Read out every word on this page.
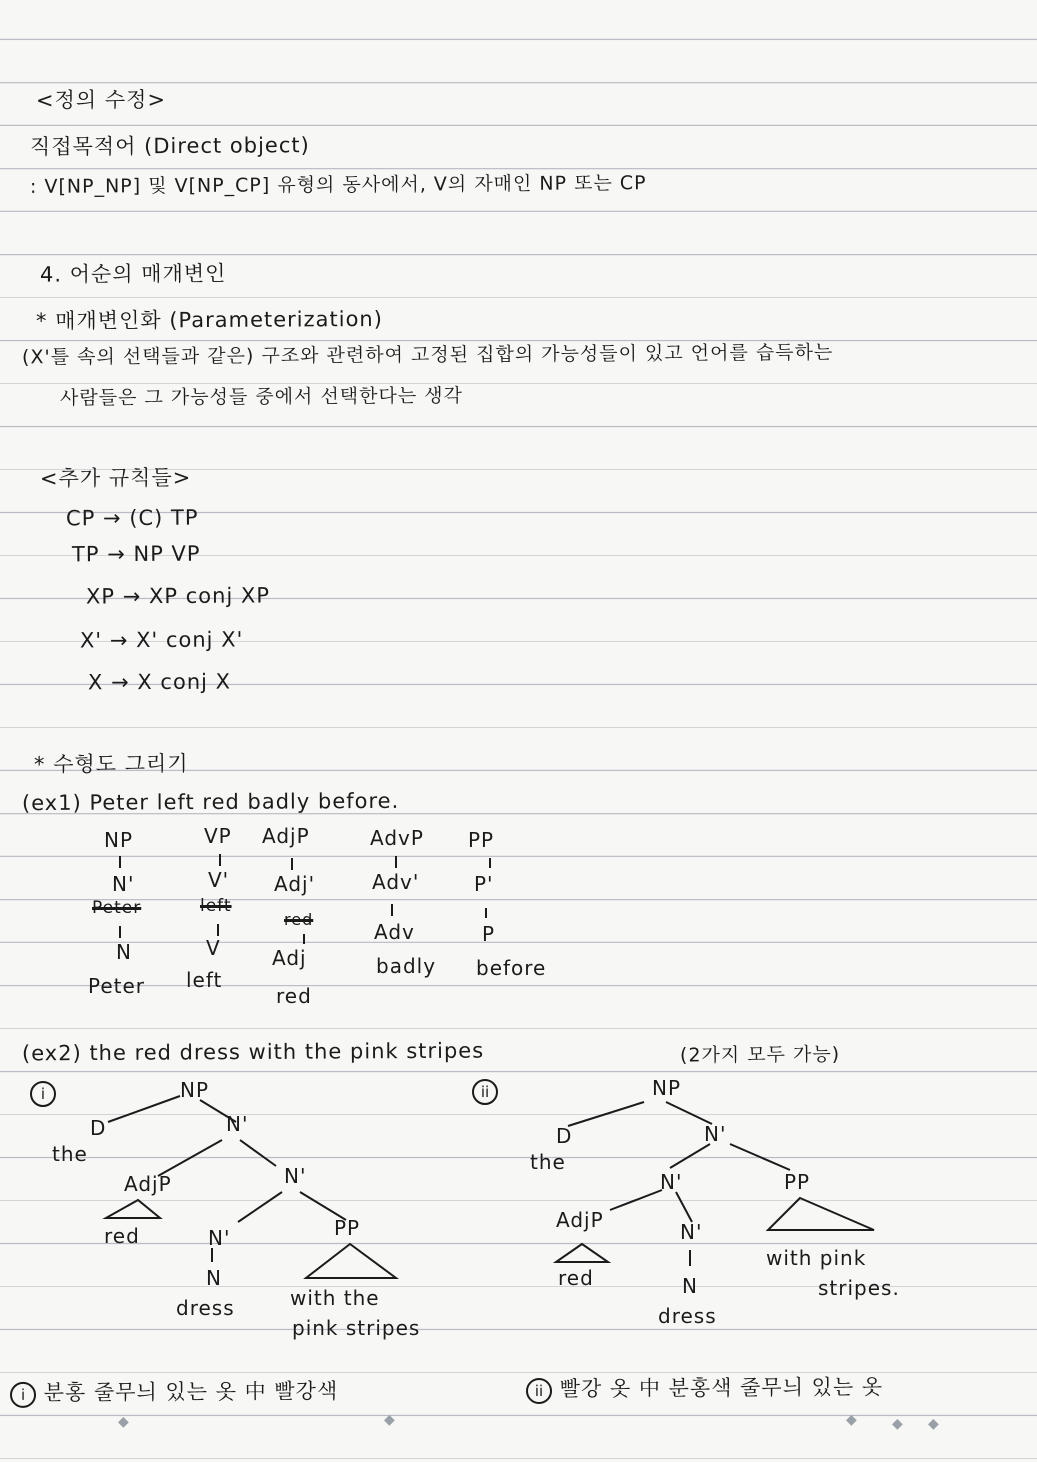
<정의 수정>
직접목적어 (Direct object)
: V[NP_NP] 및 V[NP_CP] 유형의 동사에서, V의 자매인 NP 또는 CP
4. 어순의 매개변인
* 매개변인화 (Parameterization)
(X'틀 속의 선택들과 같은) 구조와 관련하여 고정된 집합의 가능성들이 있고 언어를 습득하는
사람들은 그 가능성들 중에서 선택한다는 생각
<추가 규칙들>
CP → (C) TP
TP → NP VP
XP → XP conj XP
X' → X' conj X'
X → X conj X
* 수형도 그리기
(ex1) Peter left red badly before.
NP
N'
Peter
N
Peter
VP
V'
left
V
left
AdjP
Adj'
red
Adj
red
AdvP
Adv'
Adv
badly
PP
P'
P
before
(ex2) the red dress with the pink stripes	(2가지 모두 가능)
i	NP
D
the
N'
AdjP
red
N'
N'
N
dress
PP
with the
pink stripes
ii	NP
D
the
N'
N'	PP
with pink
stripes.
AdjP
red
N'
N
dress
i 분홍 줄무늬 있는 옷 中 빨강색	ii 빨강 옷 中 분홍색 줄무늬 있는 옷
◆	◆	◆	◆ ◆
